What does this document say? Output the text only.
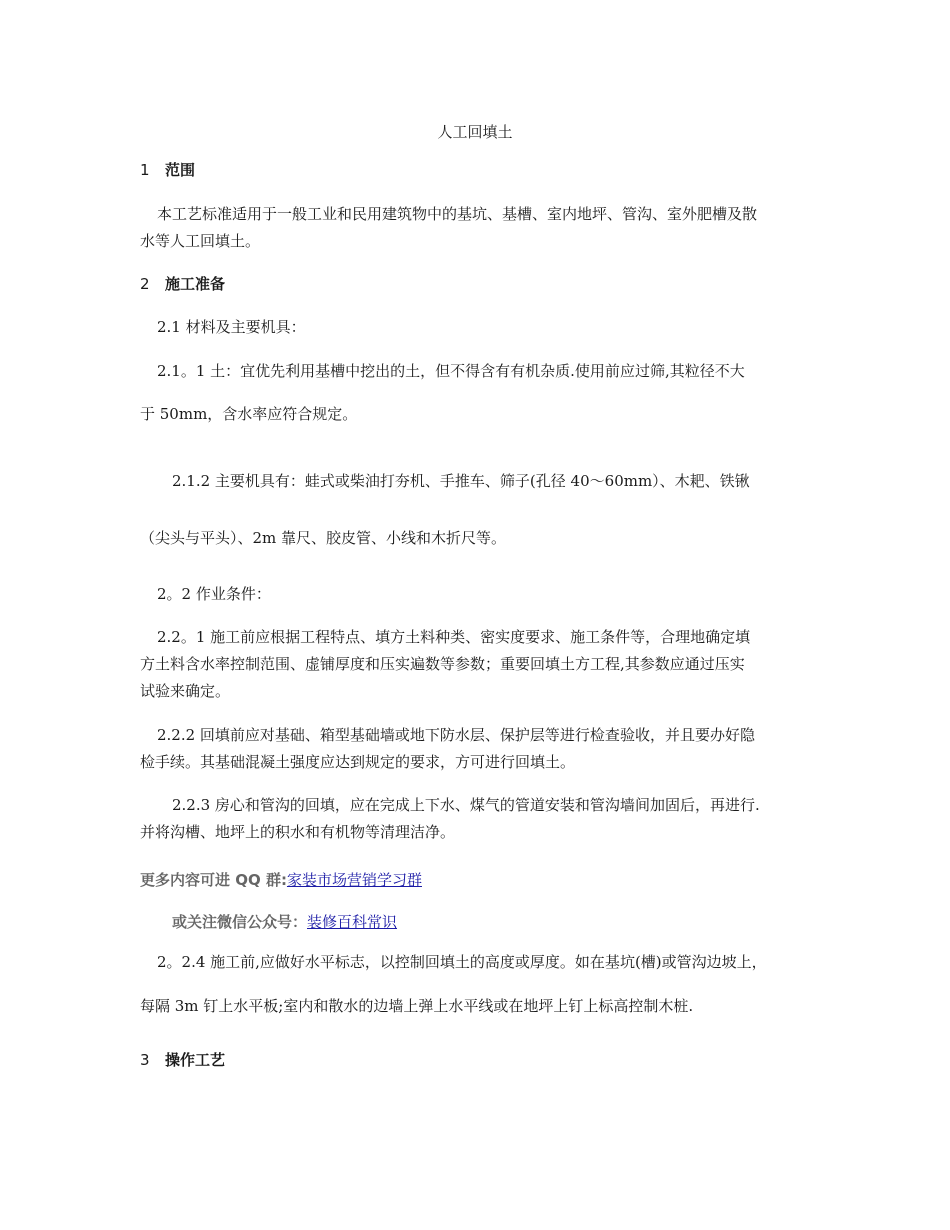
人工回填土
1 范围
本工艺标准适用于一般工业和民用建筑物中的基坑、基槽、室内地坪、管沟、室外肥槽及散
水等人工回填土。
2 施工准备
2.1 材料及主要机具：
2.1。1 土：宜优先利用基槽中挖出的土，但不得含有有机杂质.使用前应过筛,其粒径不大
于 50mm，含水率应符合规定。
2.1.2 主要机具有：蛙式或柴油打夯机、手推车、筛子(孔径 40～60mm）、木耙、铁锹
（尖头与平头）、2m 靠尺、胶皮管、小线和木折尺等。
2。2 作业条件：
2.2。1 施工前应根据工程特点、填方土料种类、密实度要求、施工条件等，合理地确定填
方土料含水率控制范围、虚铺厚度和压实遍数等参数；重要回填土方工程,其参数应通过压实
试验来确定。
2.2.2 回填前应对基础、箱型基础墙或地下防水层、保护层等进行检查验收，并且要办好隐
检手续。其基础混凝土强度应达到规定的要求，方可进行回填土。
2.2.3 房心和管沟的回填，应在完成上下水、煤气的管道安装和管沟墙间加固后，再进行.
并将沟槽、地坪上的积水和有机物等清理洁净。
更多内容可进 QQ 群:家装市场营销学习群
或关注微信公众号：装修百科常识
2。2.4 施工前,应做好水平标志，以控制回填土的高度或厚度。如在基坑(槽)或管沟边坡上，
每隔 3m 钉上水平板;室内和散水的边墙上弹上水平线或在地坪上钉上标高控制木桩.
3 操作工艺
